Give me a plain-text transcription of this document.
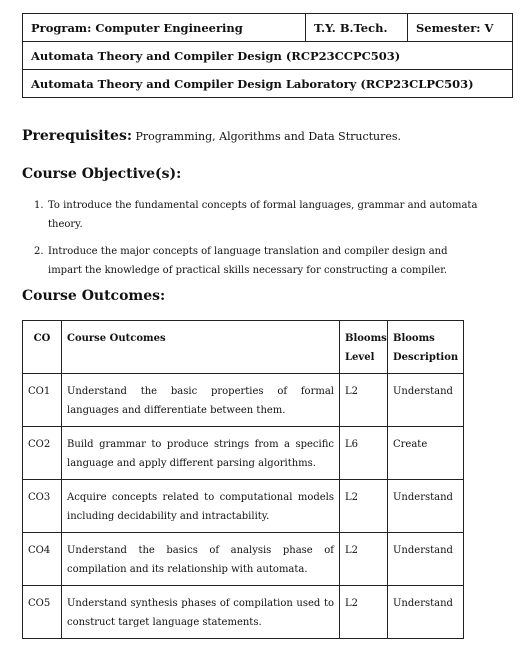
Program: Computer Engineering	T.Y. B.Tech.	Semester: V
Automata Theory and Compiler Design (RCP23CCPC503)
Automata Theory and Compiler Design Laboratory (RCP23CLPC503)
Prerequisites: Programming, Algorithms and Data Structures.
Course Objective(s):
1. To introduce the fundamental concepts of formal languages, grammar and automata theory.
2. Introduce the major concepts of language translation and compiler design and impart the knowledge of practical skills necessary for constructing a compiler.
Course Outcomes:
CO	Course Outcomes	Blooms Level	Blooms Description
CO1	Understand the basic properties of formal languages and differentiate between them.	L2	Understand
CO2	Build grammar to produce strings from a specific language and apply different parsing algorithms.	L6	Create
CO3	Acquire concepts related to computational models including decidability and intractability.	L2	Understand
CO4	Understand the basics of analysis phase of compilation and its relationship with automata.	L2	Understand
CO5	Understand synthesis phases of compilation used to construct target language statements.	L2	Understand
